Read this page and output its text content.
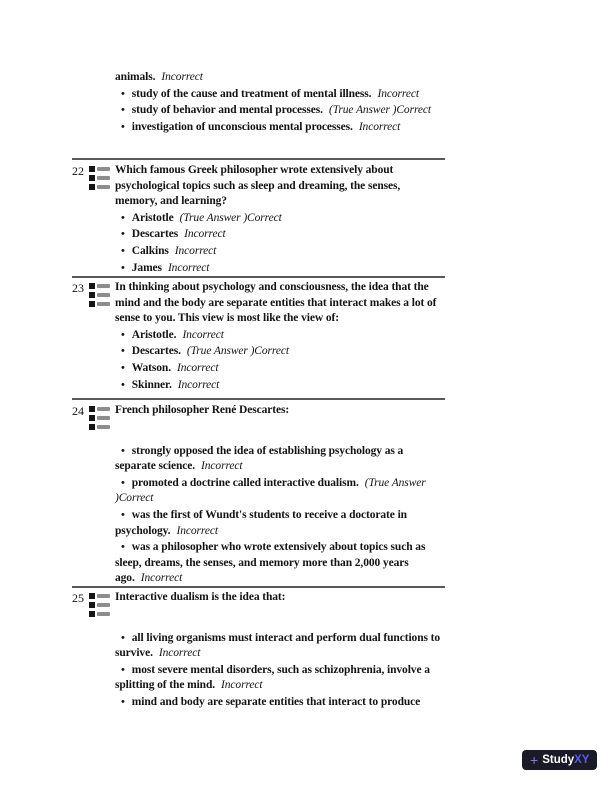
animals. Incorrect

• study of the cause and treatment of mental illness. Incorrect

• study of behavior and mental processes. (True Answer )Correct

• investigation of unconscious mental processes. Incorrect

22	Which famous Greek philosopher wrote extensively about psychological topics such as sleep and dreaming, the senses, memory, and learning?

• Aristotle (True Answer )Correct

• Descartes Incorrect

• Calkins Incorrect

• James Incorrect

23	In thinking about psychology and consciousness, the idea that the mind and the body are separate entities that interact makes a lot of sense to you. This view is most like the view of:

• Aristotle. Incorrect

• Descartes. (True Answer )Correct

• Watson. Incorrect

• Skinner. Incorrect

24	French philosopher René Descartes:

• strongly opposed the idea of establishing psychology as a separate science. Incorrect

• promoted a doctrine called interactive dualism. (True Answer )Correct

• was the first of Wundt's students to receive a doctorate in psychology. Incorrect

• was a philosopher who wrote extensively about topics such as sleep, dreams, the senses, and memory more than 2,000 years ago. Incorrect

25	Interactive dualism is the idea that:

• all living organisms must interact and perform dual functions to survive. Incorrect

• most severe mental disorders, such as schizophrenia, involve a splitting of the mind. Incorrect

• mind and body are separate entities that interact to produce

+ Study XY
